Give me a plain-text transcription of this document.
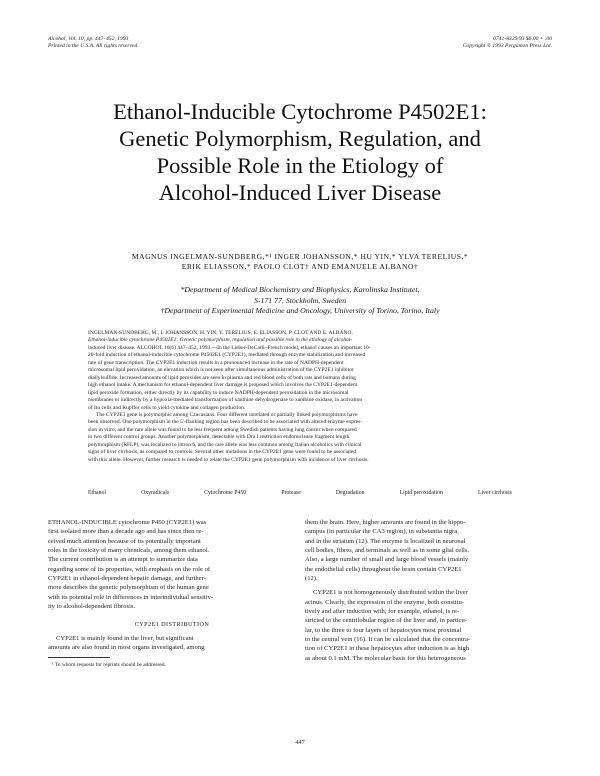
Alcohol, Vol. 10, pp. 447–452, 1993
Printed in the U.S.A. All rights reserved.
0741-8329/93 $6.00 + .00
Copyright © 1993 Pergamon Press Ltd.
Ethanol-Inducible Cytochrome P4502E1:
Genetic Polymorphism, Regulation, and
Possible Role in the Etiology of
Alcohol-Induced Liver Disease
MAGNUS INGELMAN-SUNDBERG,*¹ INGER JOHANSSON,* HU YIN,* YLVA TERELIUS,*
ERIK ELIASSON,* PAOLO CLOT† AND EMANUELE ALBANO†
*Department of Medical Biochemistry and Biophysics, Karolinska Institutet,
S-171 77, Stockholm, Sweden
†Department of Experimental Medicine and Oncology, University of Torino, Torino, Italy
INGELMAN-SUNDBERG, M., I. JOHANSSON, H. YIN, Y. TERELIUS, E. ELIASSON, P. CLOT AND E. ALBANO.
Ethanol-inducible cytochrome P4502E1: Genetic polymorphism, regulation and possible role in the etiology of alcohol-
induced liver disease. ALCOHOL 10(6) 447–452, 1993.—In the Lieber-DeCarli–French model, ethanol causes an important 10-
20-fold induction of ethanol-inducible cytochrome P4502E1 (CYP2E1), mediated through enzyme stabilization and increased
rate of gene transcription. The CYP2E1 induction results in a pronounced increase in the rate of NADPH-dependent
microsomal lipid peroxidation, an elevation which is not seen after simultaneous administration of the CYP2E1 inhibitor
diallylsulfide. Increased amounts of lipid peroxides are seen in plasma and red blood cells of both rats and humans during
high ethanol intake. A mechanism for ethanol-dependent liver damage is proposed which involves the CYP2E1-dependent
lipid peroxide formation, either directly by its capability to induce NADPH-dependent peroxidation in the microsomal
membranes or indirectly by a hypoxia-mediated transformation of xanthine dehydrogenase to xanthine oxidase, in activation
of Ito cells and Kupffer cells to yield cytokine and collagen production.
The CYP2E1 gene is polymorphic among Caucasians. Four different unrelated or partially linked polymorphisms have
been observed. One polymorphism in the 5′-flanking region has been described to be associated with altered enzyme expres-
sion in vitro, and the rare allele was found to be less frequent among Swedish patients having lung cancer when compared
to two different control groups. Another polymorphism, detectable with Dra I restriction endonuclease fragment length
polymorphism (RFLP), was localized to intron 6, and the rare allele was less common among Italian alcoholics with clinical
signs of liver cirrhosis, as compared to controls. Several other mutations in the CYP2E1 gene were found to be associated
with this allele. However, further research is needed to relate the CYP2E1 gene polymorphism with incidence of liver cirrhosis.
Ethanol	Oxyradicals	Cytochrome P450	Protease	Degradation	Lipid peroxidation	Liver cirrhosis
ETHANOL-INDUCIBLE cytochrome P450 (CYP2E1) was
first isolated more than a decade ago and has since then re-
ceived much attention because of its potentially important
roles in the toxicity of many chemicals, among them ethanol.
The current contribution is an attempt to summarize data
regarding some of its properties, with emphasis on the role of
CYP2E1 in ethanol-dependent hepatic damage, and further-
more describes the genetic polymorphism of the human gene
with its potential role in differences in interindividual sensitiv-
ity to alcohol-dependent fibrosis.
CYP2E1 DISTRIBUTION
CYP2E1 is mainly found in the liver, but significant
amounts are also found in most organs investigated, among
them the brain. Here, higher amounts are found in the hippo-
campus (in particular the CA3 region), in substantia nigra,
and in the striatum (12). The enzyme is localized in neuronal
cell bodies, fibres, and terminals as well as in some glial cells.
Also, a large number of small and large blood vessels (mainly
the endothelial cells) throughout the brain contain CYP2E1
(12).
CYP2E1 is not homogeneously distributed within the liver
acinus. Clearly, the expression of the enzyme, both constitu-
tively and after induction with, for example, ethanol, is re-
stricted to the centrilobular region of the liver and, in particu-
lar, to the three to four layers of hepatocytes most proximal
to the central vein (16). It can be calculated that the concentra-
tion of CYP2E1 in these hepatocytes after induction is as high
as about 0.1 mM. The molecular basis for this heterogeneous
¹ To whom requests for reprints should be addressed.
447
